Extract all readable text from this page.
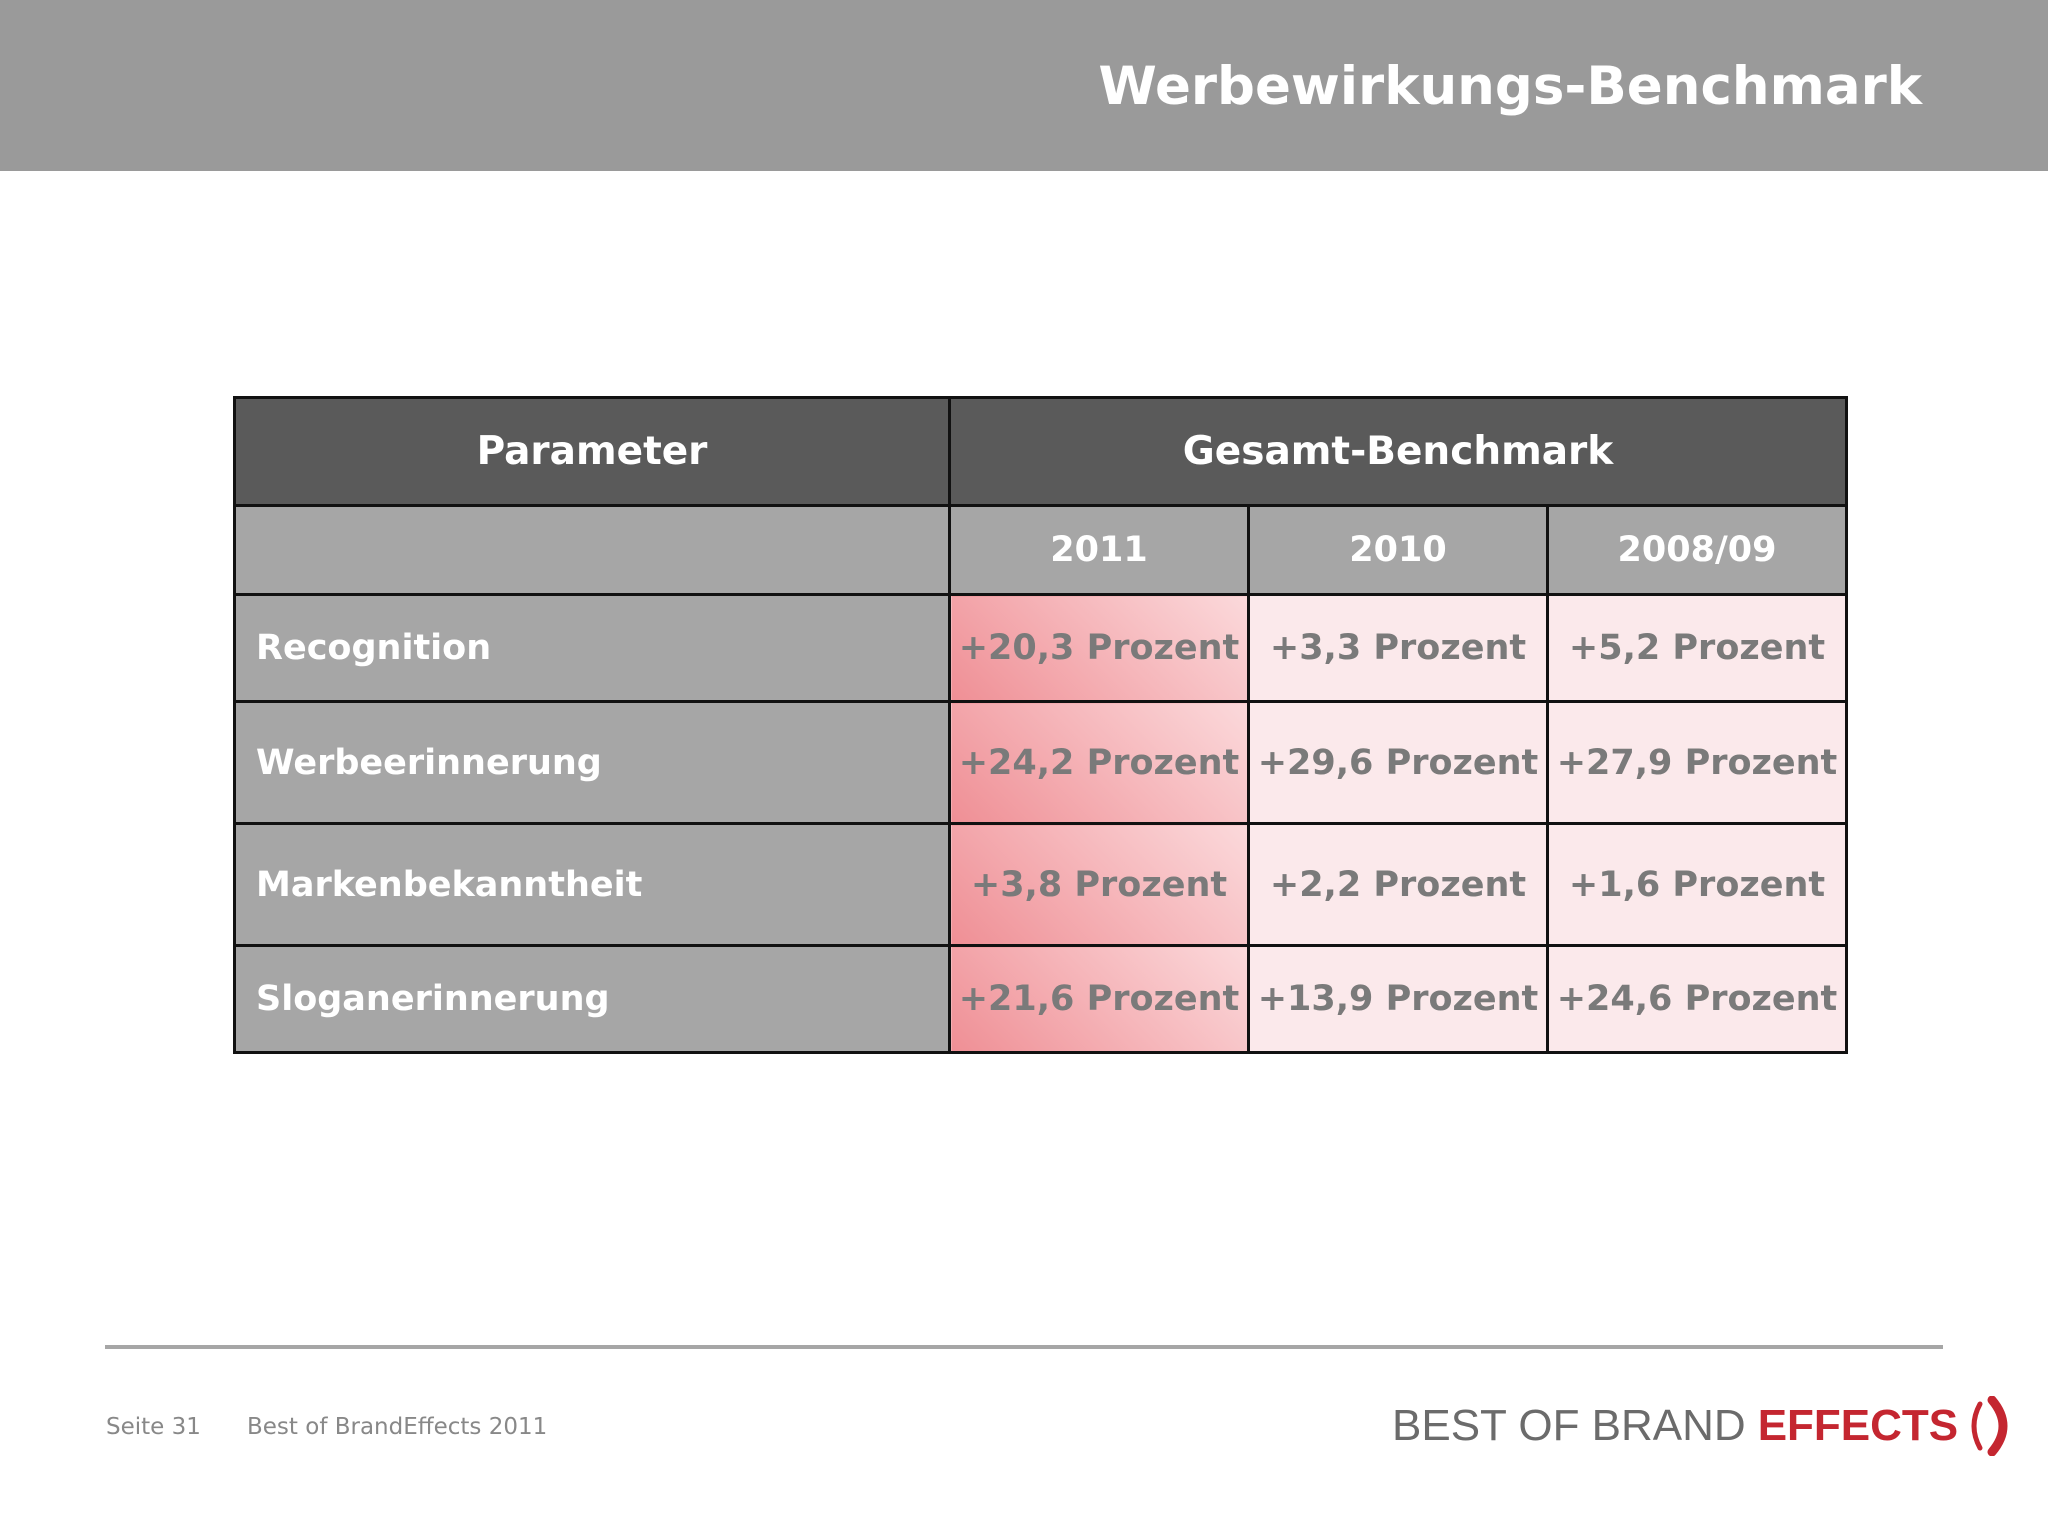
Werbewirkungs-Benchmark
Parameter	Gesamt-Benchmark		
	2011	2010	2008/09
Recognition	+20,3 Prozent	+3,3 Prozent	+5,2 Prozent
Werbeerinnerung	+24,2 Prozent	+29,6 Prozent	+27,9 Prozent
Markenbekanntheit	+3,8 Prozent	+2,2 Prozent	+1,6 Prozent
Sloganerinnerung	+21,6 Prozent	+13,9 Prozent	+24,6 Prozent
Seite 31 Best of BrandEffects 2011	BEST OF BRAND EFFECTS
